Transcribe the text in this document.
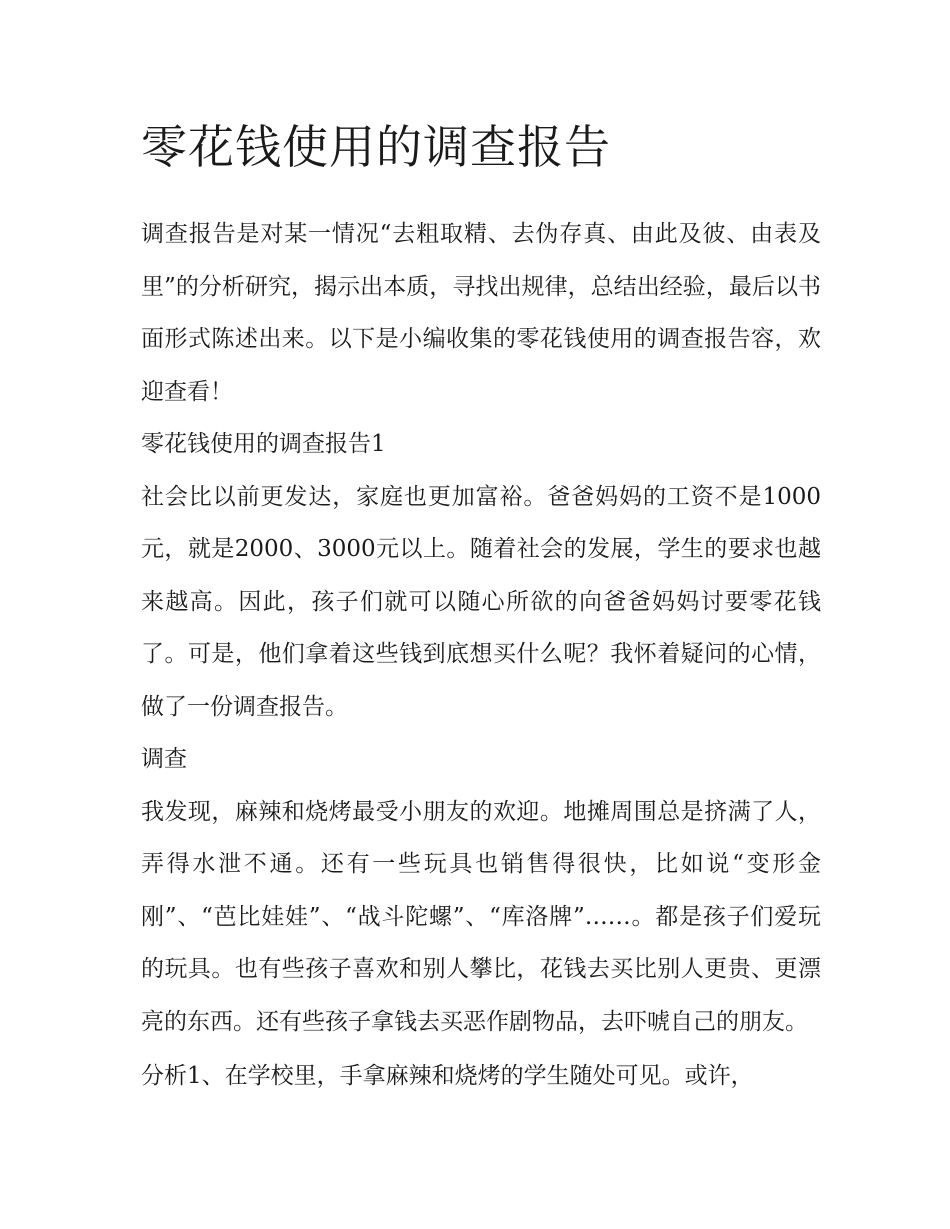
零花钱使用的调查报告

调查报告是对某一情况“去粗取精、去伪存真、由此及彼、由表及里”的分析研究，揭示出本质，寻找出规律，总结出经验，最后以书面形式陈述出来。以下是小编收集的零花钱使用的调查报告容，欢迎查看！

零花钱使用的调查报告1

社会比以前更发达，家庭也更加富裕。爸爸妈妈的工资不是1000元，就是2000、3000元以上。随着社会的发展，学生的要求也越来越高。因此，孩子们就可以随心所欲的向爸爸妈妈讨要零花钱了。可是，他们拿着这些钱到底想买什么呢？我怀着疑问的心情，做了一份调查报告。

调查

我发现，麻辣和烧烤最受小朋友的欢迎。地摊周围总是挤满了人，弄得水泄不通。还有一些玩具也销售得很快，比如说“变形金刚”、“芭比娃娃”、“战斗陀螺”、“库洛牌”……。都是孩子们爱玩的玩具。也有些孩子喜欢和别人攀比，花钱去买比别人更贵、更漂亮的东西。还有些孩子拿钱去买恶作剧物品，去吓唬自己的朋友。

分析1、在学校里，手拿麻辣和烧烤的学生随处可见。或许，
